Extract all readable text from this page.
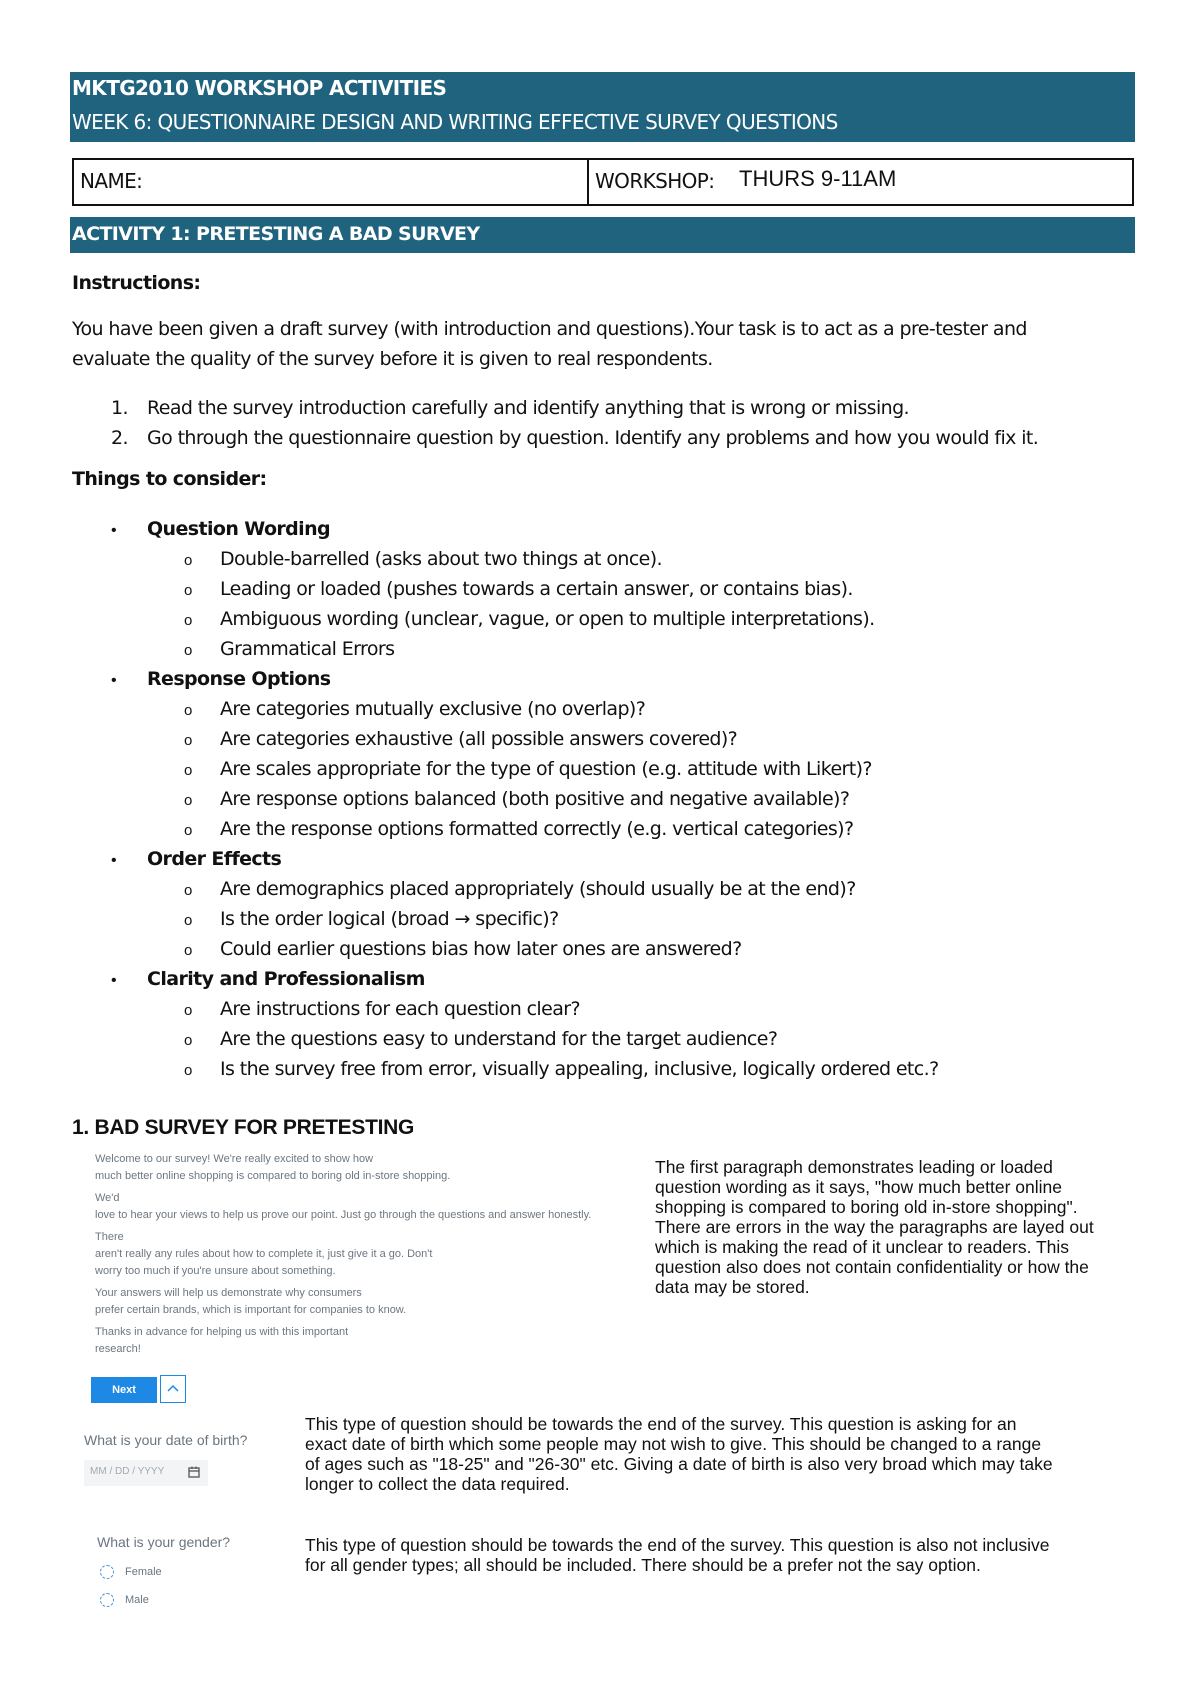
MKTG2010 WORKSHOP ACTIVITIES
WEEK 6: QUESTIONNAIRE DESIGN AND WRITING EFFECTIVE SURVEY QUESTIONS
NAME:	WORKSHOP: THURS 9-11AM
ACTIVITY 1: PRETESTING A BAD SURVEY
Instructions:
You have been given a draft survey (with introduction and questions).Your task is to act as a pre-tester and
evaluate the quality of the survey before it is given to real respondents.
1. Read the survey introduction carefully and identify anything that is wrong or missing.
2. Go through the questionnaire question by question. Identify any problems and how you would fix it.
Things to consider:
• Question Wording
o Double-barrelled (asks about two things at once).
o Leading or loaded (pushes towards a certain answer, or contains bias).
o Ambiguous wording (unclear, vague, or open to multiple interpretations).
o Grammatical Errors
• Response Options
o Are categories mutually exclusive (no overlap)?
o Are categories exhaustive (all possible answers covered)?
o Are scales appropriate for the type of question (e.g. attitude with Likert)?
o Are response options balanced (both positive and negative available)?
o Are the response options formatted correctly (e.g. vertical categories)?
• Order Effects
o Are demographics placed appropriately (should usually be at the end)?
o Is the order logical (broad → specific)?
o Could earlier questions bias how later ones are answered?
• Clarity and Professionalism
o Are instructions for each question clear?
o Are the questions easy to understand for the target audience?
o Is the survey free from error, visually appealing, inclusive, logically ordered etc.?
1. BAD SURVEY FOR PRETESTING
Welcome to our survey! We're really excited to show how
much better online shopping is compared to boring old in-store shopping.
We'd
love to hear your views to help us prove our point. Just go through the questions and answer honestly.
There
aren't really any rules about how to complete it, just give it a go. Don't
worry too much if you're unsure about something.
Your answers will help us demonstrate why consumers
prefer certain brands, which is important for companies to know.
Thanks in advance for helping us with this important
research!
Next
The first paragraph demonstrates leading or loaded
question wording as it says, "how much better online
shopping is compared to boring old in-store shopping".
There are errors in the way the paragraphs are layed out
which is making the read of it unclear to readers. This
question also does not contain confidentiality or how the
data may be stored.
What is your date of birth?
MM / DD / YYYY
This type of question should be towards the end of the survey. This question is asking for an
exact date of birth which some people may not wish to give. This should be changed to a range
of ages such as "18-25" and "26-30" etc. Giving a date of birth is also very broad which may take
longer to collect the data required.
What is your gender?
Female
Male
This type of question should be towards the end of the survey. This question is also not inclusive
for all gender types; all should be included. There should be a prefer not the say option.
